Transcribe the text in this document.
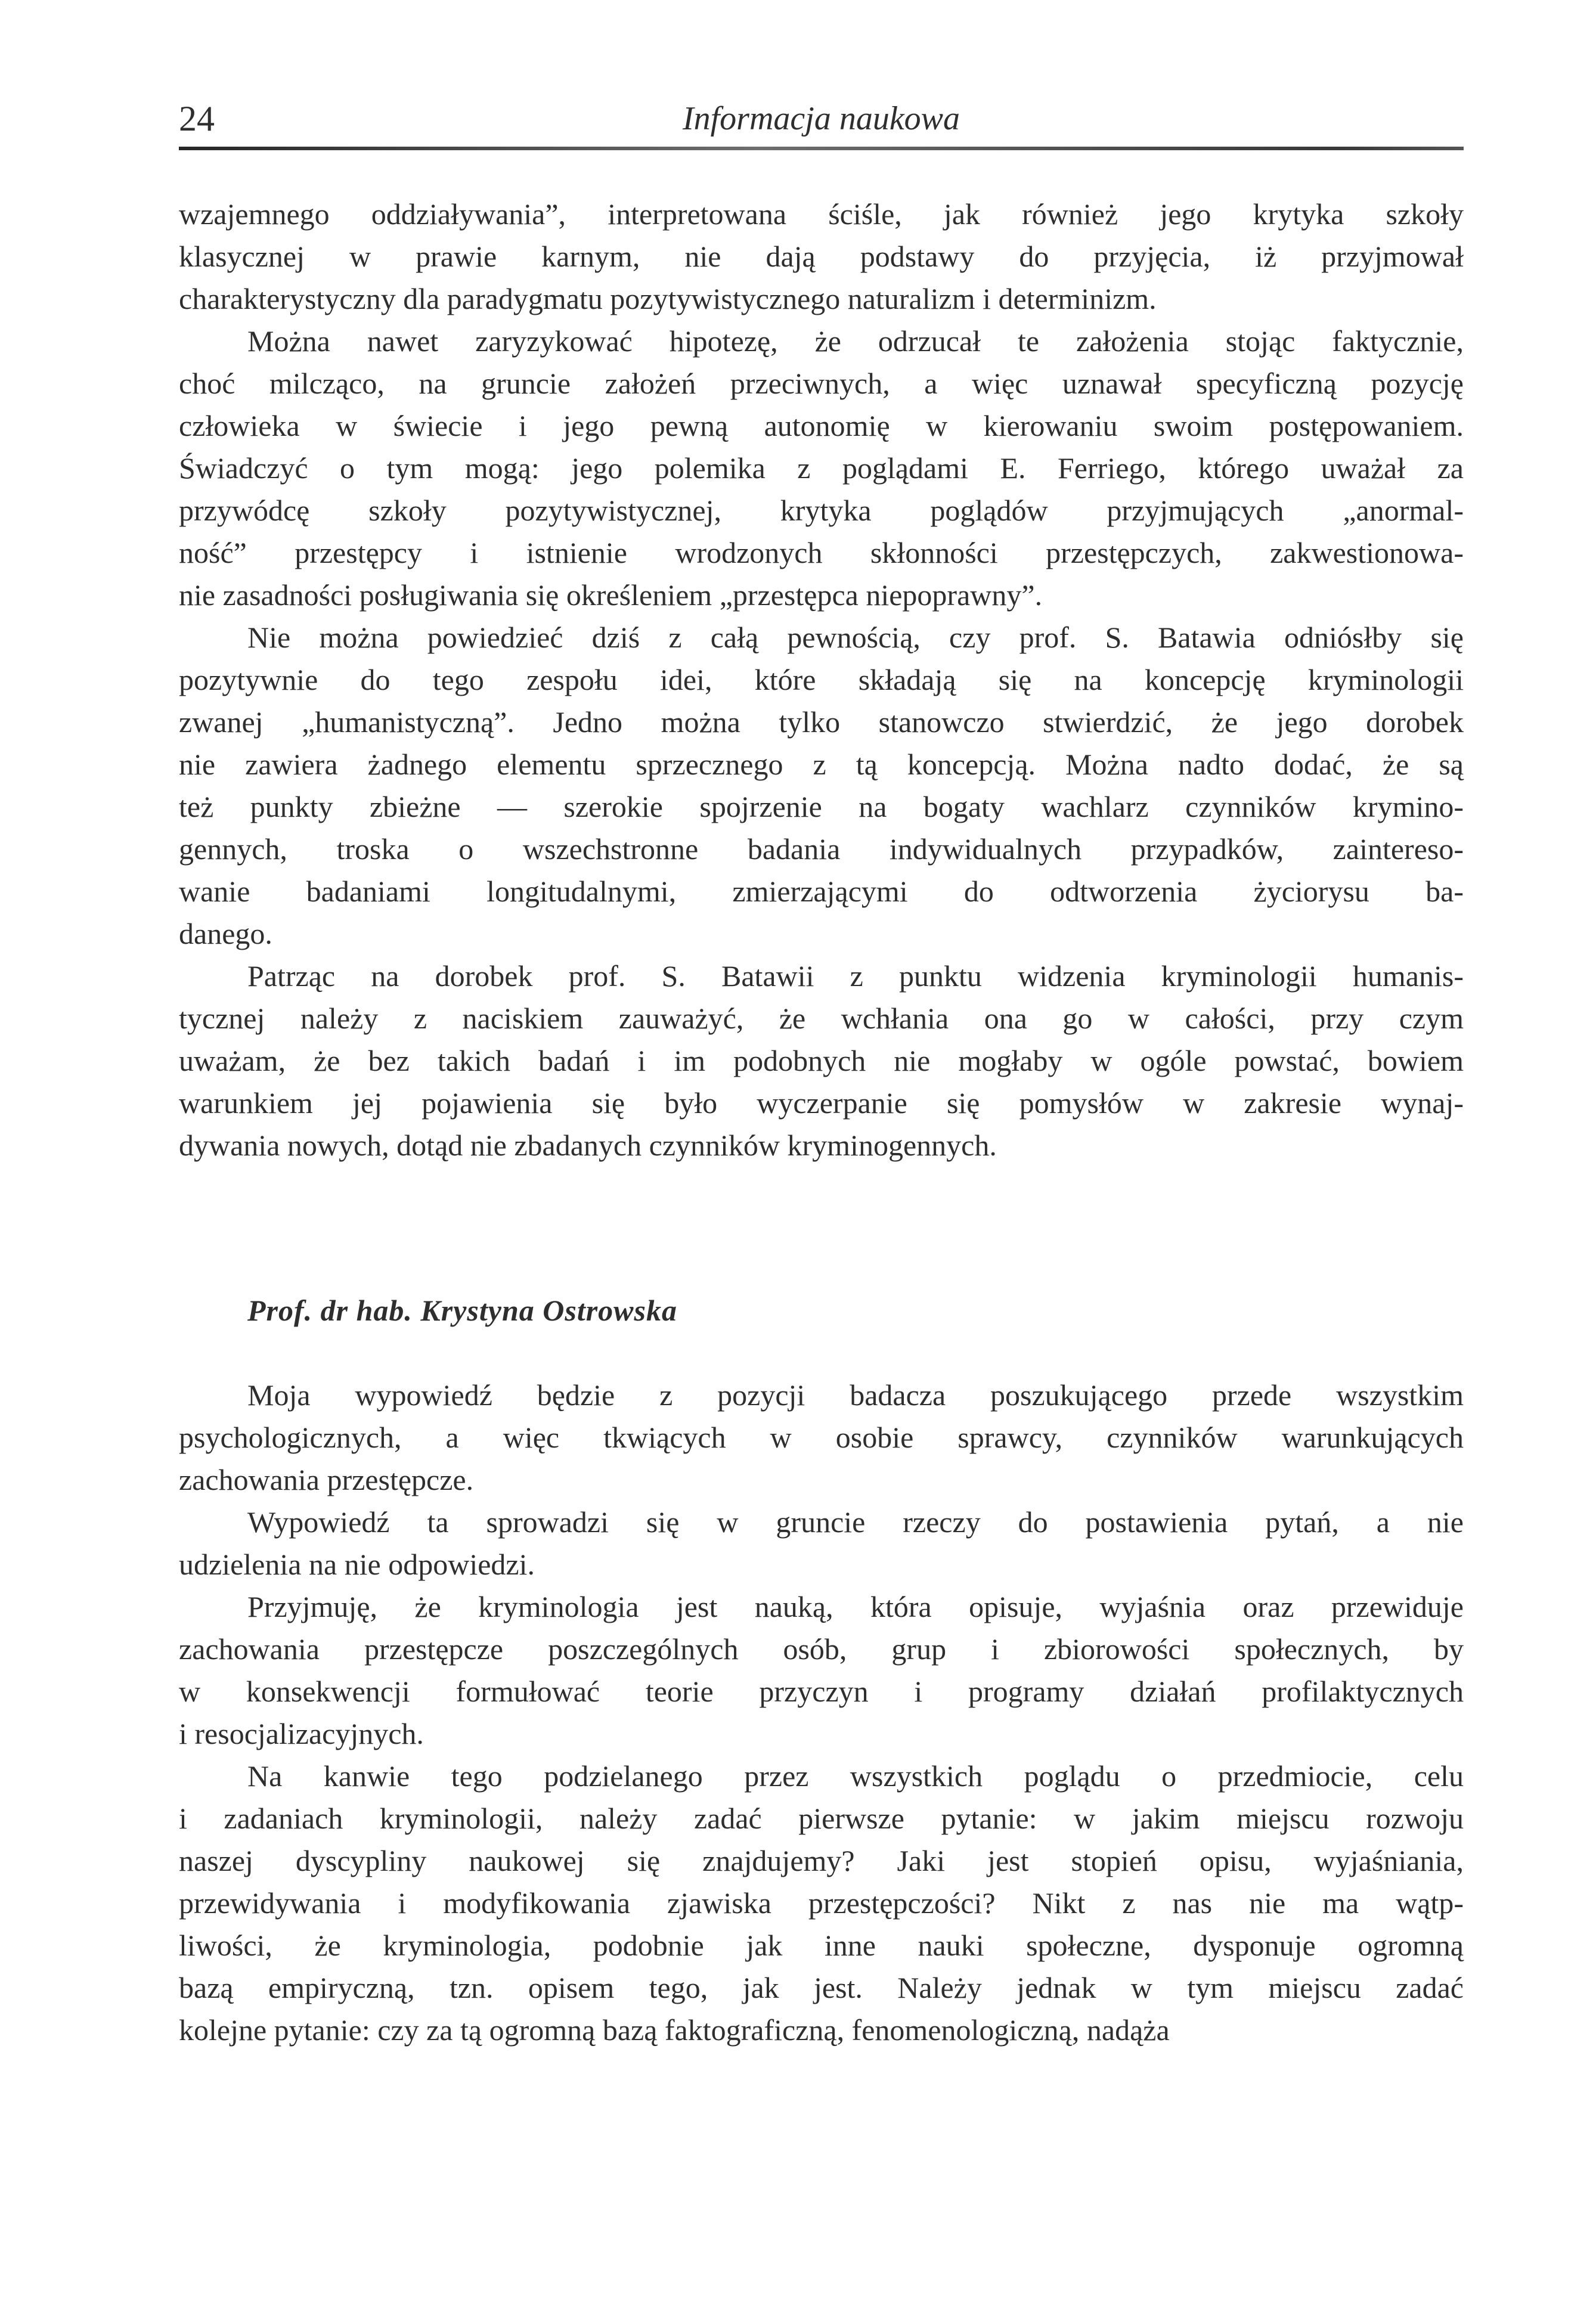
24	Informacja naukowa

wzajemnego oddziaływania”, interpretowana ściśle, jak również jego krytyka szkoły
klasycznej w prawie karnym, nie dają podstawy do przyjęcia, iż przyjmował
charakterystyczny dla paradygmatu pozytywistycznego naturalizm i determinizm.

Można nawet zaryzykować hipotezę, że odrzucał te założenia stojąc faktycznie,
choć milcząco, na gruncie założeń przeciwnych, a więc uznawał specyficzną pozycję
człowieka w świecie i jego pewną autonomię w kierowaniu swoim postępowaniem.
Świadczyć o tym mogą: jego polemika z poglądami E. Ferriego, którego uważał za
przywódcę szkoły pozytywistycznej, krytyka poglądów przyjmujących „anormal-
ność” przestępcy i istnienie wrodzonych skłonności przestępczych, zakwestionowa-
nie zasadności posługiwania się określeniem „przestępca niepoprawny”.

Nie można powiedzieć dziś z całą pewnością, czy prof. S. Batawia odniósłby się
pozytywnie do tego zespołu idei, które składają się na koncepcję kryminologii
zwanej „humanistyczną”. Jedno można tylko stanowczo stwierdzić, że jego dorobek
nie zawiera żadnego elementu sprzecznego z tą koncepcją. Można nadto dodać, że są
też punkty zbieżne — szerokie spojrzenie na bogaty wachlarz czynników krymino-
gennych, troska o wszechstronne badania indywidualnych przypadków, zaintereso-
wanie badaniami longitudalnymi, zmierzającymi do odtworzenia życiorysu ba-
danego.

Patrząc na dorobek prof. S. Batawii z punktu widzenia kryminologii humanis-
tycznej należy z naciskiem zauważyć, że wchłania ona go w całości, przy czym
uważam, że bez takich badań i im podobnych nie mogłaby w ogóle powstać, bowiem
warunkiem jej pojawienia się było wyczerpanie się pomysłów w zakresie wynaj-
dywania nowych, dotąd nie zbadanych czynników kryminogennych.

Prof. dr hab. Krystyna Ostrowska

Moja wypowiedź będzie z pozycji badacza poszukującego przede wszystkim
psychologicznych, a więc tkwiących w osobie sprawcy, czynników warunkujących
zachowania przestępcze.

Wypowiedź ta sprowadzi się w gruncie rzeczy do postawienia pytań, a nie
udzielenia na nie odpowiedzi.

Przyjmuję, że kryminologia jest nauką, która opisuje, wyjaśnia oraz przewiduje
zachowania przestępcze poszczególnych osób, grup i zbiorowości społecznych, by
w konsekwencji formułować teorie przyczyn i programy działań profilaktycznych
i resocjalizacyjnych.

Na kanwie tego podzielanego przez wszystkich poglądu o przedmiocie, celu
i zadaniach kryminologii, należy zadać pierwsze pytanie: w jakim miejscu rozwoju
naszej dyscypliny naukowej się znajdujemy? Jaki jest stopień opisu, wyjaśniania,
przewidywania i modyfikowania zjawiska przestępczości? Nikt z nas nie ma wątp-
liwości, że kryminologia, podobnie jak inne nauki społeczne, dysponuje ogromną
bazą empiryczną, tzn. opisem tego, jak jest. Należy jednak w tym miejscu zadać
kolejne pytanie: czy za tą ogromną bazą faktograficzną, fenomenologiczną, nadąża
